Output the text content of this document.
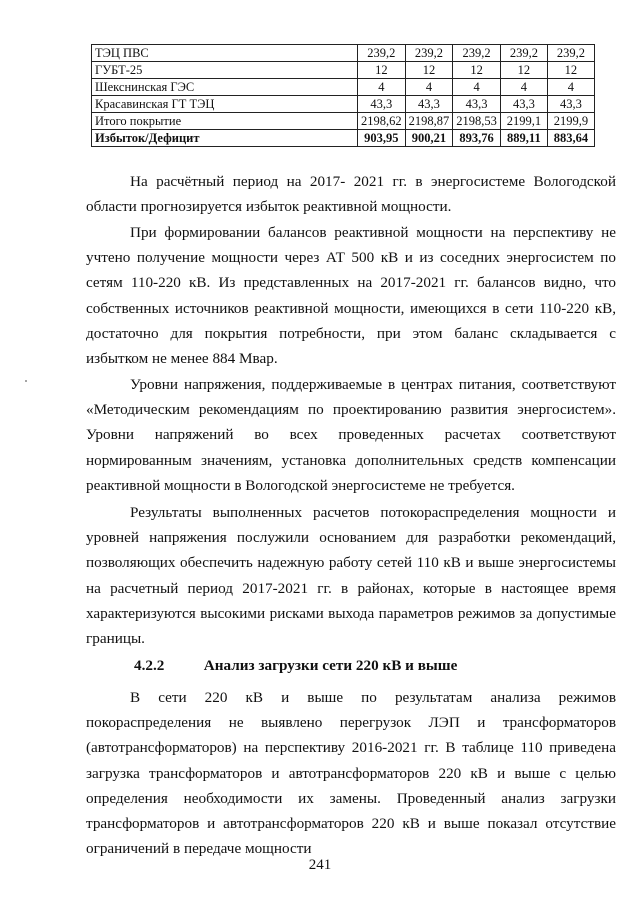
ТЭЦ ПВС	239,2	239,2	239,2	239,2	239,2
ГУБТ-25	12	12	12	12	12
Шекснинская ГЭС	4	4	4	4	4
Красавинская ГТ ТЭЦ	43,3	43,3	43,3	43,3	43,3
Итого покрытие	2198,62	2198,87	2198,53	2199,1	2199,9
Избыток/Дефицит	903,95	900,21	893,76	889,11	883,64

На расчётный период на 2017- 2021 гг. в энергосистеме Вологодской области прогнозируется избыток реактивной мощности.

При формировании балансов реактивной мощности на перспективу не учтено получение мощности через АТ 500 кВ и из соседних энергосистем по сетям 110-220 кВ. Из представленных на 2017-2021 гг. балансов видно, что собственных источников реактивной мощности, имеющихся в сети 110-220 кВ, достаточно для покрытия потребности, при этом баланс складывается с избытком не менее 884 Мвар.

Уровни напряжения, поддерживаемые в центрах питания, соответствуют «Методическим рекомендациям по проектированию развития энергосистем». Уровни напряжений во всех проведенных расчетах соответствуют нормированным значениям, установка дополнительных средств компенсации реактивной мощности в Вологодской энергосистеме не требуется.

Результаты выполненных расчетов потокораспределения мощности и уровней напряжения послужили основанием для разработки рекомендаций, позволяющих обеспечить надежную работу сетей 110 кВ и выше энергосистемы на расчетный период 2017-2021 гг. в районах, которые в настоящее время характеризуются высокими рисками выхода параметров режимов за допустимые границы.

4.2.2	Анализ загрузки сети 220 кВ и выше

В сети 220 кВ и выше по результатам анализа режимов покораспределения не выявлено перегрузок ЛЭП и трансформаторов (автотрансформаторов) на перспективу 2016-2021 гг. В таблице 110 приведена загрузка трансформаторов и автотрансформаторов 220 кВ и выше с целью определения необходимости их замены. Проведенный анализ загрузки трансформаторов и автотрансформаторов 220 кВ и выше показал отсутствие ограничений в передаче мощности

241
